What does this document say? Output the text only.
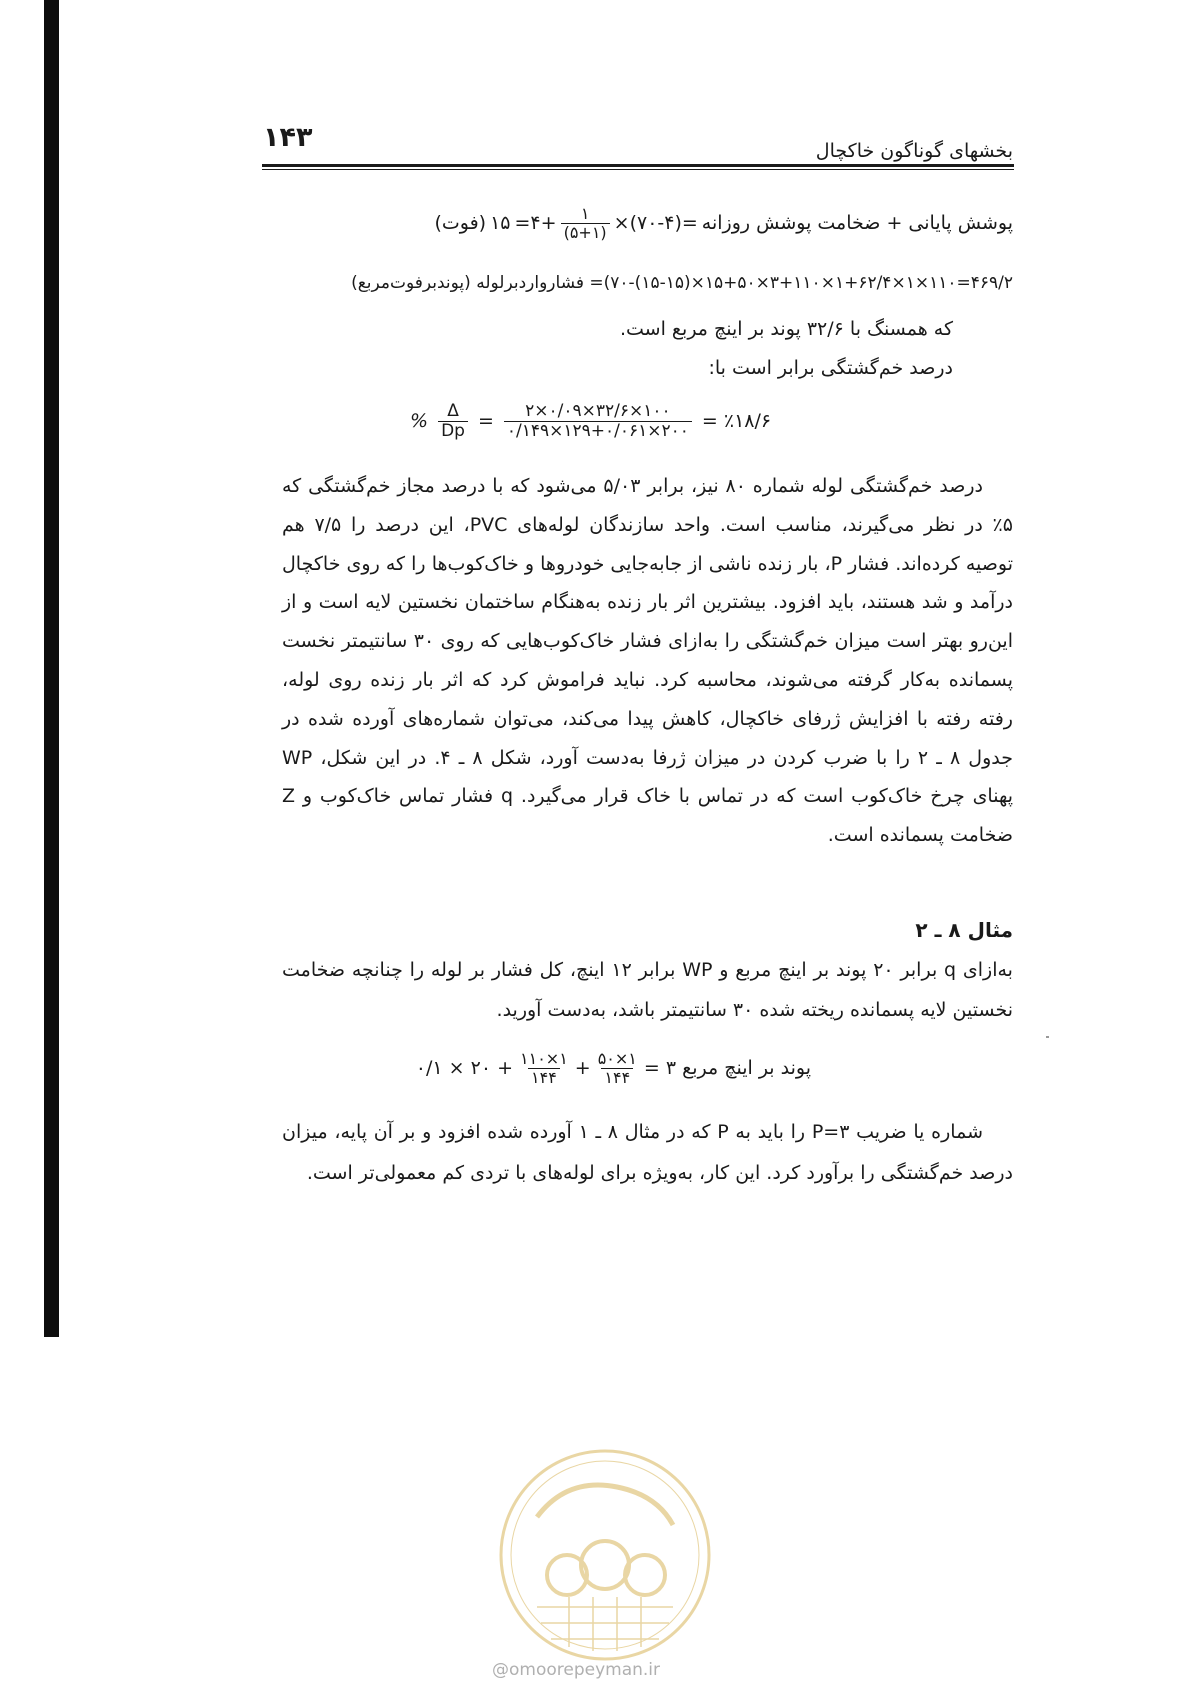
۱۴۳	بخشهای گوناگون خاکچال
پوشش پایانی + ضخامت پوشش روزانه
×(۷۰-۴)=
$\frac{۱}{(۵+۱)}$
=۴+
۱۵
(فوت)
۴۶۹/۲=۱۱۰×۱×۱+۶۲/۴×۳+۱۱۰×۱۵+۵۰×(۱۵-۱۵)-۷۰)= فشاروارد‌بر‌لوله (پوندبرفوت‌مربع)
که همسنگ با ۳۲/۶ پوند بر اینچ مربع است.
درصد خم‌گشتگی برابر است با:
% $\frac{\Delta}{Dp} = \frac{۲\times ۰/۰۹\times ۳۲/۶\times ۱۰۰}{۰/۱۴۹\times ۱۲۹+۰/۰۶۱\times ۲۰۰}$ = ٪۱۸/۶

درصد خم‌گشتگی لوله شماره ۸۰ نیز، برابر ۵/۰۳ می‌شود که با درصد مجاز خم‌گشتگی که ۵٪ در نظر می‌گیرند، مناسب است. واحد سازندگان لوله‌های PVC، این درصد را ۷/۵ هم توصیه کرده‌اند. فشار P، بار زنده ناشی از جابه‌جایی خودروها و خاک‌کوب‌ها را که روی خاکچال درآمد و شد هستند، باید افزود. بیشترین اثر بار زنده به‌هنگام ساختمان نخستین لایه است و از این‌رو بهتر است میزان خم‌گشتگی را به‌ازای فشار خاک‌کوب‌هایی که روی ۳۰ سانتیمتر نخست پسمانده به‌کار گرفته می‌شوند، محاسبه کرد. نباید فراموش کرد که اثر بار زنده روی لوله، رفته رفته با افزایش ژرفای خاکچال، کاهش پیدا می‌کند، می‌توان شماره‌های آورده شده در جدول ۸ ـ ۲ را با ضرب کردن در میزان ژرفا به‌دست آورد، شکل ۸ ـ ۴. در این شکل، WP پهنای چرخ خاک‌کوب است که در تماس با خاک قرار می‌گیرد. q فشار تماس خاک‌کوب و Z ضخامت پسمانده است.

مثال ۸ ـ ۲

به‌ازای q برابر ۲۰ پوند بر اینچ مربع و WP برابر ۱۲ اینچ، کل فشار بر لوله را چنانچه ضخامت نخستین لایه پسمانده ریخته شده ۳۰ سانتیمتر باشد، به‌دست آورید.

پوند بر اینچ مربع ۳ =
$\frac{۱\times ۵۰}{۱۴۴}$
+
$\frac{۱\times ۱۱۰}{۱۴۴}$
+ ۲۰ × ۰/۱

شماره یا ضریب P=۳ را باید به P که در مثال ۸ ـ ۱ آورده شده افزود و بر آن پایه، میزان درصد خم‌گشتگی را برآورد کرد. این کار، به‌ویژه برای لوله‌های با تردی کم معمولی‌تر است.

@omoorepeyman.ir
